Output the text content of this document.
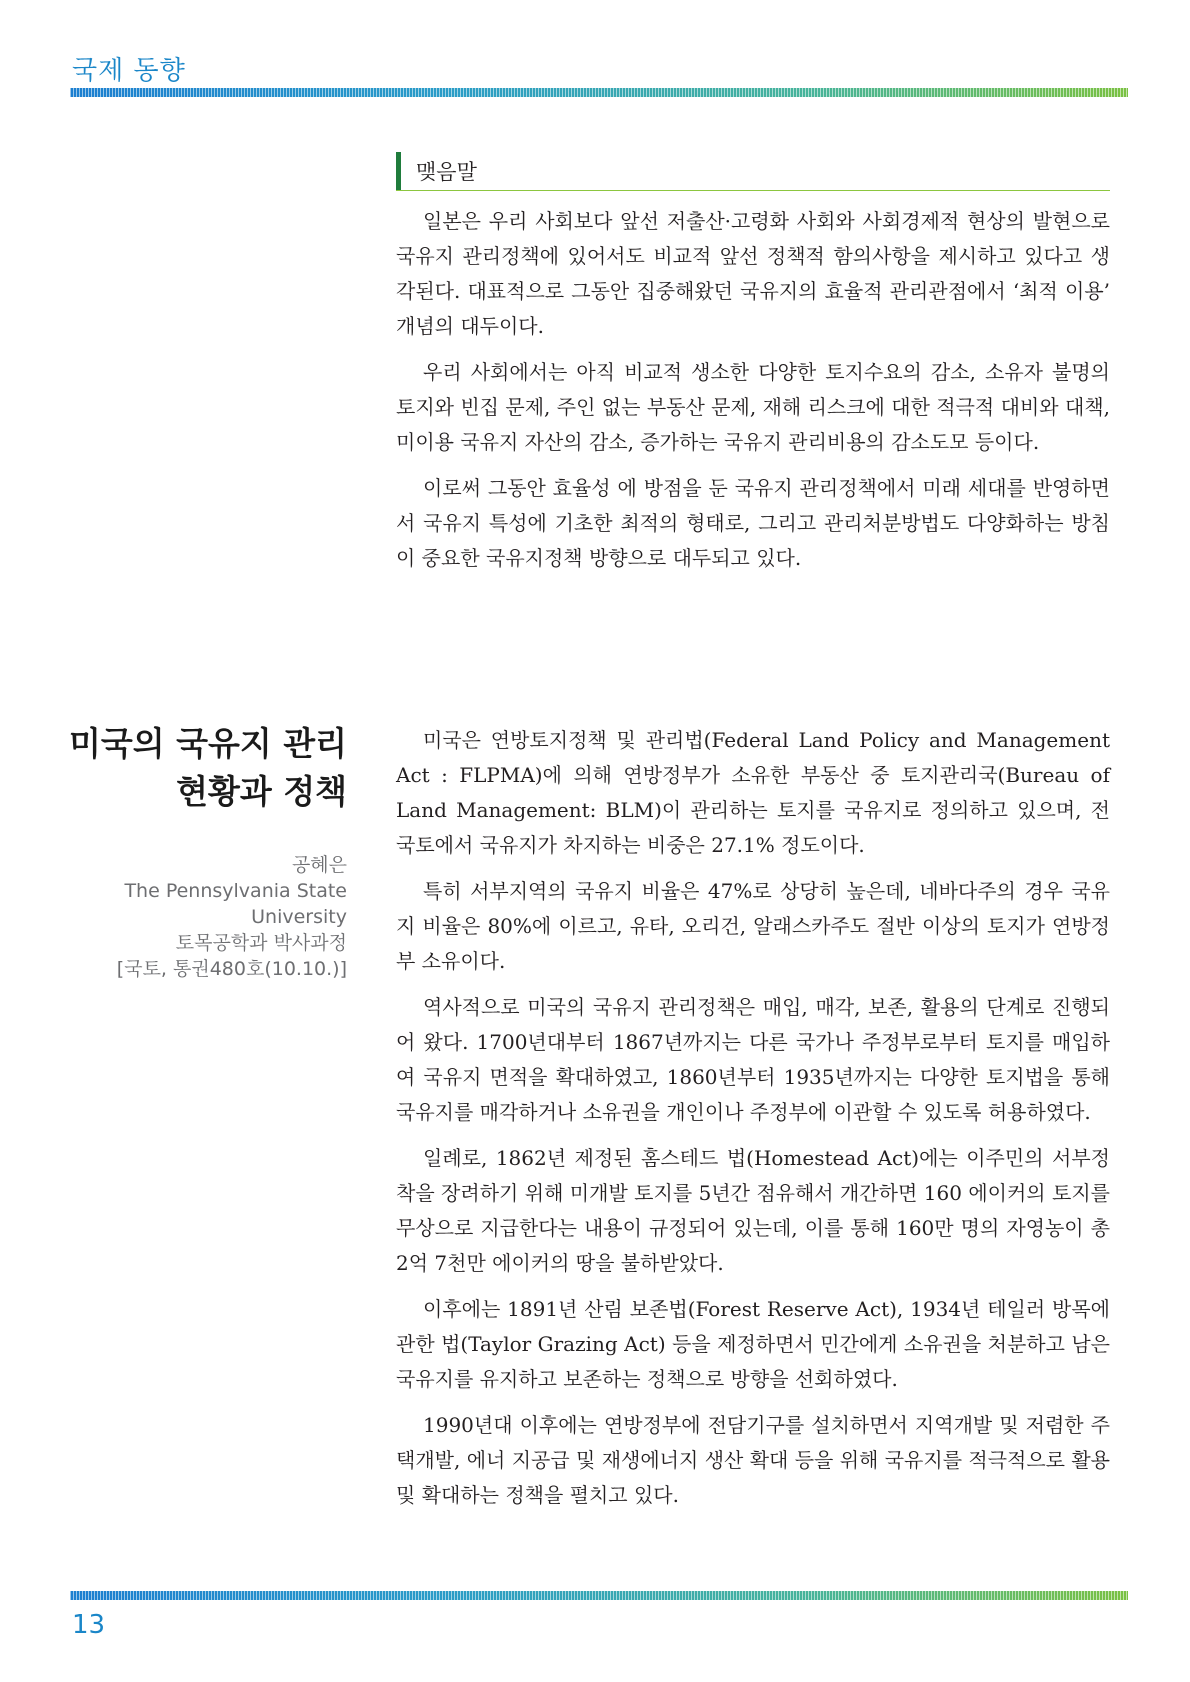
국제 동향
맺음말

일본은 우리 사회보다 앞선 저출산·고령화 사회와 사회경제적 현상의 발현으로 국유지 관리정책에 있어서도 비교적 앞선 정책적 함의사항을 제시하고 있다고 생각된다. 대표적으로 그동안 집중해왔던 국유지의 효율적 관리관점에서 ‘최적 이용’ 개념의 대두이다.

우리 사회에서는 아직 비교적 생소한 다양한 토지수요의 감소, 소유자 불명의 토지와 빈집 문제, 주인 없는 부동산 문제, 재해 리스크에 대한 적극적 대비와 대책, 미이용 국유지 자산의 감소, 증가하는 국유지 관리비용의 감소도모 등이다.

이로써 그동안 효율성 에 방점을 둔 국유지 관리정책에서 미래 세대를 반영하면서 국유지 특성에 기초한 최적의 형태로, 그리고 관리처분방법도 다양화하는 방침이 중요한 국유지정책 방향으로 대두되고 있다.

미국의 국유지 관리
현황과 정책
공혜은
The Pennsylvania State
University
토목공학과 박사과정
[국토, 통권480호(10.10.)]

미국은 연방토지정책 및 관리법(Federal Land Policy and Management Act : FLPMA)에 의해 연방정부가 소유한 부동산 중 토지관리국(Bureau of Land Management: BLM)이 관리하는 토지를 국유지로 정의하고 있으며, 전 국토에서 국유지가 차지하는 비중은 27.1% 정도이다.

특히 서부지역의 국유지 비율은 47%로 상당히 높은데, 네바다주의 경우 국유지 비율은 80%에 이르고, 유타, 오리건, 알래스카주도 절반 이상의 토지가 연방정부 소유이다.

역사적으로 미국의 국유지 관리정책은 매입, 매각, 보존, 활용의 단계로 진행되어 왔다. 1700년대부터 1867년까지는 다른 국가나 주정부로부터 토지를 매입하여 국유지 면적을 확대하였고, 1860년부터 1935년까지는 다양한 토지법을 통해 국유지를 매각하거나 소유권을 개인이나 주정부에 이관할 수 있도록 허용하였다.

일례로, 1862년 제정된 홈스테드 법(Homestead Act)에는 이주민의 서부정착을 장려하기 위해 미개발 토지를 5년간 점유해서 개간하면 160 에이커의 토지를 무상으로 지급한다는 내용이 규정되어 있는데, 이를 통해 160만 명의 자영농이 총 2억 7천만 에이커의 땅을 불하받았다.

이후에는 1891년 산림 보존법(Forest Reserve Act), 1934년 테일러 방목에 관한 법(Taylor Grazing Act) 등을 제정하면서 민간에게 소유권을 처분하고 남은 국유지를 유지하고 보존하는 정책으로 방향을 선회하였다.

1990년대 이후에는 연방정부에 전담기구를 설치하면서 지역개발 및 저렴한 주택개발, 에너 지공급 및 재생에너지 생산 확대 등을 위해 국유지를 적극적으로 활용 및 확대하는 정책을 펼치고 있다.

13
